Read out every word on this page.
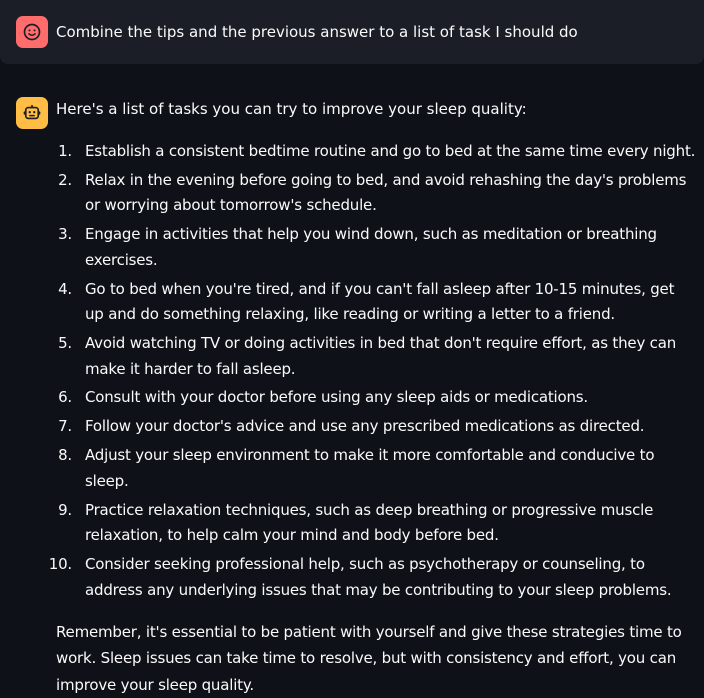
Combine the tips and the previous answer to a list of task I should do

Here's a list of tasks you can try to improve your sleep quality:

1. Establish a consistent bedtime routine and go to bed at the same time every night.
2. Relax in the evening before going to bed, and avoid rehashing the day's problems or worrying about tomorrow's schedule.
3. Engage in activities that help you wind down, such as meditation or breathing exercises.
4. Go to bed when you're tired, and if you can't fall asleep after 10-15 minutes, get up and do something relaxing, like reading or writing a letter to a friend.
5. Avoid watching TV or doing activities in bed that don't require effort, as they can make it harder to fall asleep.
6. Consult with your doctor before using any sleep aids or medications.
7. Follow your doctor's advice and use any prescribed medications as directed.
8. Adjust your sleep environment to make it more comfortable and conducive to sleep.
9. Practice relaxation techniques, such as deep breathing or progressive muscle relaxation, to help calm your mind and body before bed.
10. Consider seeking professional help, such as psychotherapy or counseling, to address any underlying issues that may be contributing to your sleep problems.

Remember, it's essential to be patient with yourself and give these strategies time to work. Sleep issues can take time to resolve, but with consistency and effort, you can improve your sleep quality.
